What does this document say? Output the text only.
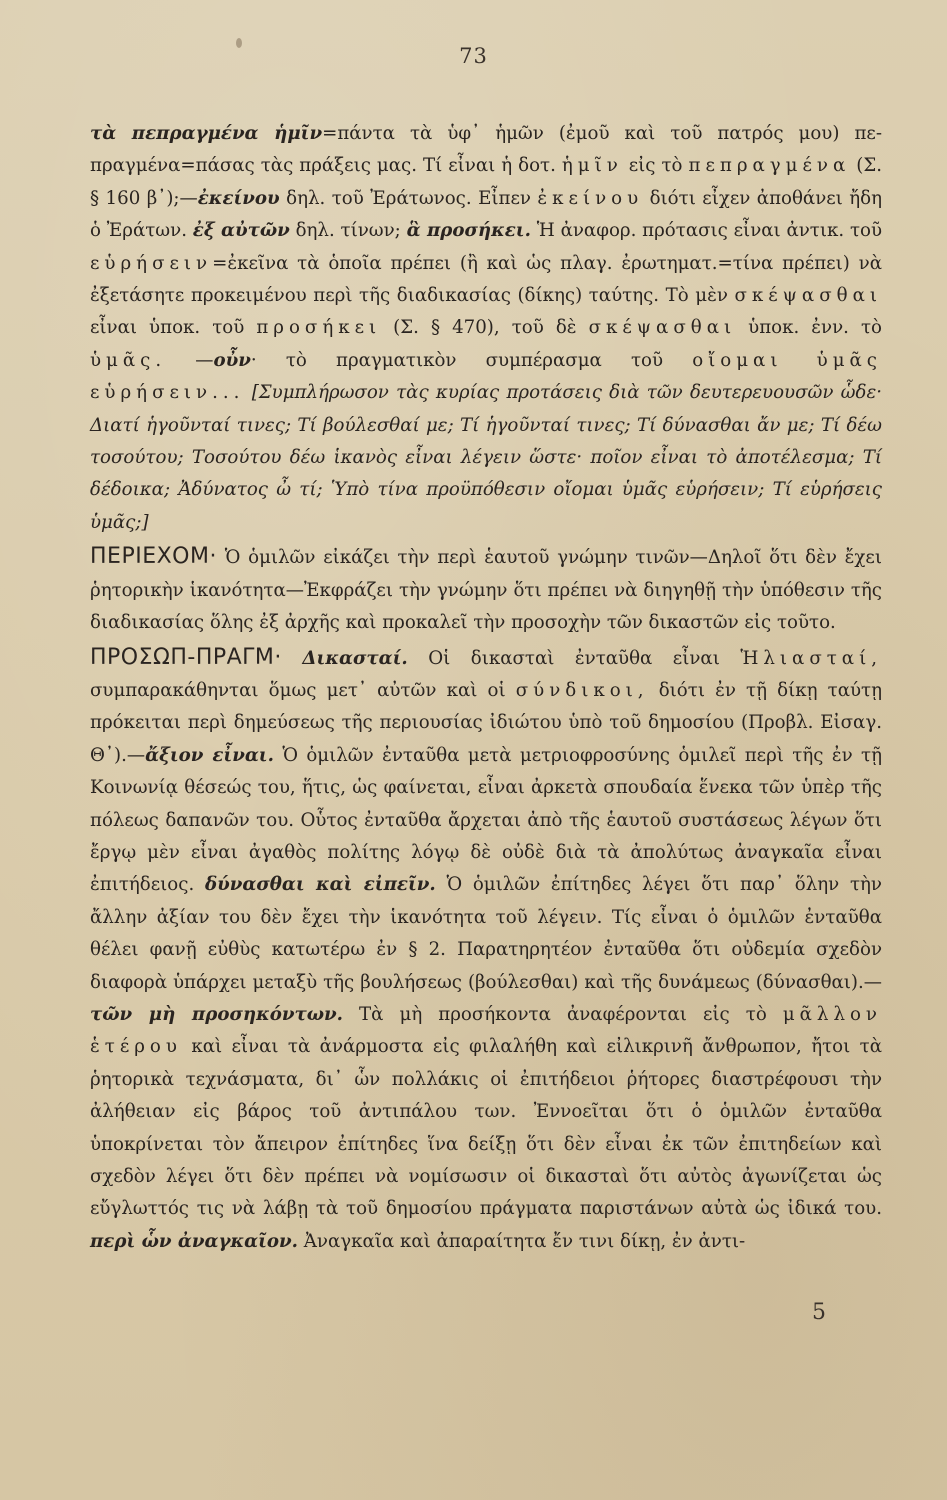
73

τὰ πεπραγμένα ἡμῖν=πάντα τὰ ὑφ᾽ ἡμῶν (ἐμοῦ καὶ τοῦ πατρός μου) πε-πραγμένα=πάσας τὰς πράξεις μας. Τί εἶναι ἡ δοτ. ἡμῖν εἰς τὸ πεπραγμένα (Σ. § 160 β᾽);—ἐκείνου δηλ. τοῦ Ἐράτωνος. Εἶπεν ἐκείνου διότι εἶχεν ἀποθάνει ἤδη ὁ Ἐράτων. ἐξ αὐτῶν δηλ. τίνων; ἃ προσήκει. Ἡ ἀναφορ. πρότασις εἶναι ἀντικ. τοῦ εὑρήσειν=ἐκεῖνα τὰ ὁποῖα πρέπει (ἢ καὶ ὡς πλαγ. ἐρωτηματ.=τίνα πρέπει) νὰ ἐξετάσητε προκειμένου περὶ τῆς διαδικασίας (δίκης) ταύτης. Τὸ μὲν σκέψασθαι εἶναι ὑποκ. τοῦ προσήκει (Σ. § 470), τοῦ δὲ σκέψασθαι ὑποκ. ἐνν. τὸ ὑμᾶς. —οὖν· τὸ πραγματικὸν συμπέρασμα τοῦ οἴομαι ὑμᾶς εὑρήσειν... [Συμπλήρωσον τὰς κυρίας προτάσεις διὰ τῶν δευτερευουσῶν ὧδε· Διατί ἡγοῦνταί τινες; Τί βούλεσθαί με; Τί ἡγοῦνταί τινες; Τί δύνασθαι ἄν με; Τί δέω τοσούτου; Τοσούτου δέω ἱκανὸς εἶναι λέγειν ὥστε· ποῖον εἶναι τὸ ἀποτέλεσμα; Τί δέδοικα; Ἀδύνατος ὦ τί; Ὑπὸ τίνα προϋπόθεσιν οἴομαι ὑμᾶς εὑρήσειν; Τί εὑρήσεις ὑμᾶς;]

ΠΕΡΙΕΧΟΜ· Ὁ ὁμιλῶν εἰκάζει τὴν περὶ ἑαυτοῦ γνώμην τινῶν—Δηλοῖ ὅτι δὲν ἔχει ῥητορικὴν ἱκανότητα—Ἐκφράζει τὴν γνώμην ὅτι πρέπει νὰ διηγηθῇ τὴν ὑπόθεσιν τῆς διαδικασίας ὅλης ἐξ ἀρχῆς καὶ προκαλεῖ τὴν προσοχὴν τῶν δικαστῶν εἰς τοῦτο.

ΠΡΟΣΩΠ-ΠΡΑΓΜ· Δικασταί. Οἱ δικασταὶ ἐνταῦθα εἶναι Ἡλιασταί, συμπαρακάθηνται ὅμως μετ᾽ αὐτῶν καὶ οἱ σύνδικοι, διότι ἐν τῇ δίκῃ ταύτῃ πρόκειται περὶ δημεύσεως τῆς περιουσίας ἰδιώτου ὑπὸ τοῦ δημοσίου (Προβλ. Εἰσαγ. Θ᾽).—ἄξιον εἶναι. Ὁ ὁμιλῶν ἐνταῦθα μετὰ μετριοφροσύνης ὁμιλεῖ περὶ τῆς ἐν τῇ Κοινωνίᾳ θέσεώς του, ἥτις, ὡς φαίνεται, εἶναι ἀρκετὰ σπουδαία ἕνεκα τῶν ὑπὲρ τῆς πόλεως δαπανῶν του. Οὗτος ἐνταῦθα ἄρχεται ἀπὸ τῆς ἑαυτοῦ συστάσεως λέγων ὅτι ἔργῳ μὲν εἶναι ἀγαθὸς πολίτης λόγῳ δὲ οὐδὲ διὰ τὰ ἀπολύτως ἀναγκαῖα εἶναι ἐπιτήδειος. δύνασθαι καὶ εἰπεῖν. Ὁ ὁμιλῶν ἐπίτηδες λέγει ὅτι παρ᾽ ὅλην τὴν ἄλλην ἀξίαν του δὲν ἔχει τὴν ἱκανότητα τοῦ λέγειν. Τίς εἶναι ὁ ὁμιλῶν ἐνταῦθα θέλει φανῇ εὐθὺς κατωτέρω ἐν § 2. Παρατηρητέον ἐνταῦθα ὅτι οὐδεμία σχεδὸν διαφορὰ ὑπάρχει μεταξὺ τῆς βουλήσεως (βούλεσθαι) καὶ τῆς δυνάμεως (δύνασθαι).—τῶν μὴ προσηκόντων. Τὰ μὴ προσήκοντα ἀναφέρονται εἰς τὸ μᾶλλον ἑτέρου καὶ εἶναι τὰ ἀνάρμοστα εἰς φιλαλήθη καὶ εἰλικρινῆ ἄνθρωπον, ἤτοι τὰ ῥητορικὰ τεχνάσματα, δι᾽ ὧν πολλάκις οἱ ἐπιτήδειοι ῥήτορες διαστρέφουσι τὴν ἀλήθειαν εἰς βάρος τοῦ ἀντιπάλου των. Ἐννοεῖται ὅτι ὁ ὁμιλῶν ἐνταῦθα ὑποκρίνεται τὸν ἄπειρον ἐπίτηδες ἵνα δείξῃ ὅτι δὲν εἶναι ἐκ τῶν ἐπιτηδείων καὶ σχεδὸν λέγει ὅτι δὲν πρέπει νὰ νομίσωσιν οἱ δικασταὶ ὅτι αὐτὸς ἀγωνίζεται ὡς εὔγλωττός τις νὰ λάβῃ τὰ τοῦ δημοσίου πράγματα παριστάνων αὐτὰ ὡς ἰδικά του. περὶ ὧν ἀναγκαῖον. Ἀναγκαῖα καὶ ἀπαραίτητα ἔν τινι δίκῃ, ἐν ἀντι-

5
